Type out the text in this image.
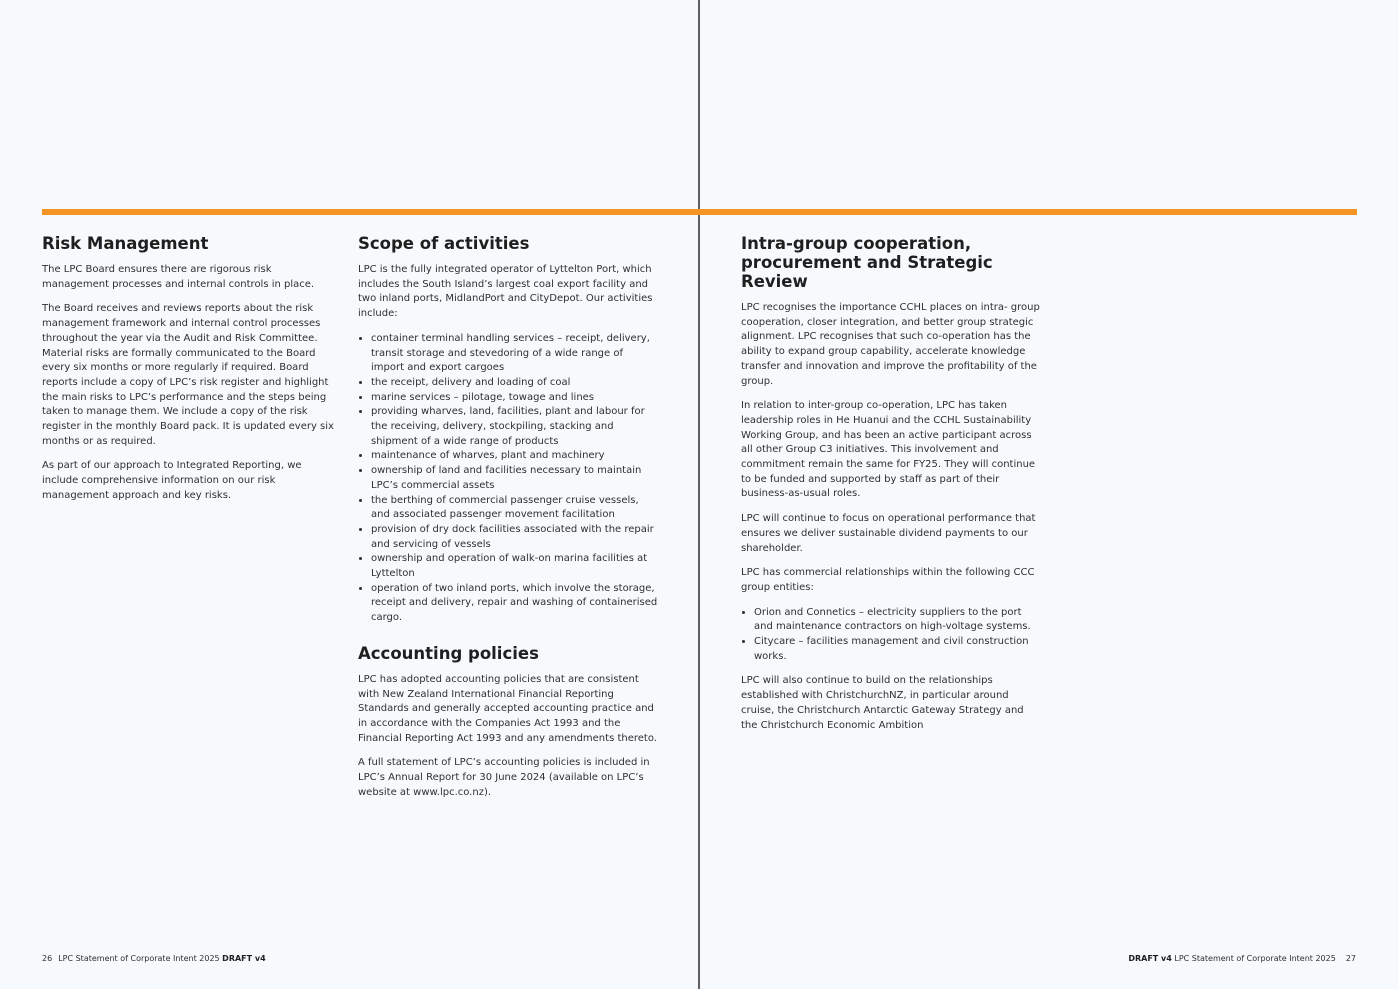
Risk Management

The LPC Board ensures there are rigorous risk management processes and internal controls in place.

The Board receives and reviews reports about the risk management framework and internal control processes throughout the year via the Audit and Risk Committee. Material risks are formally communicated to the Board every six months or more regularly if required. Board reports include a copy of LPC’s risk register and highlight the main risks to LPC’s performance and the steps being taken to manage them. We include a copy of the risk register in the monthly Board pack. It is updated every six months or as required.

As part of our approach to Integrated Reporting, we include comprehensive information on our risk management approach and key risks.

Scope of activities

LPC is the fully integrated operator of Lyttelton Port, which includes the South Island’s largest coal export facility and two inland ports, MidlandPort and CityDepot. Our activities include:

• container terminal handling services – receipt, delivery, transit storage and stevedoring of a wide range of import and export cargoes
• the receipt, delivery and loading of coal
• marine services – pilotage, towage and lines
• providing wharves, land, facilities, plant and labour for the receiving, delivery, stockpiling, stacking and shipment of a wide range of products
• maintenance of wharves, plant and machinery
• ownership of land and facilities necessary to maintain LPC’s commercial assets
• the berthing of commercial passenger cruise vessels, and associated passenger movement facilitation
• provision of dry dock facilities associated with the repair and servicing of vessels
• ownership and operation of walk-on marina facilities at Lyttelton
• operation of two inland ports, which involve the storage, receipt and delivery, repair and washing of containerised cargo.
Accounting policies

LPC has adopted accounting policies that are consistent with New Zealand International Financial Reporting Standards and generally accepted accounting practice and in accordance with the Companies Act 1993 and the Financial Reporting Act 1993 and any amendments thereto.

A full statement of LPC’s accounting policies is included in LPC’s Annual Report for 30 June 2024 (available on LPC’s website at www.lpc.co.nz).

Intra-group cooperation, procurement and Strategic Review

LPC recognises the importance CCHL places on intra- group cooperation, closer integration, and better group strategic alignment. LPC recognises that such co-operation has the ability to expand group capability, accelerate knowledge transfer and innovation and improve the profitability of the group.

In relation to inter-group co-operation, LPC has taken leadership roles in He Huanui and the CCHL Sustainability Working Group, and has been an active participant across all other Group C3 initiatives. This involvement and commitment remain the same for FY25. They will continue to be funded and supported by staff as part of their business-as-usual roles.

LPC will continue to focus on operational performance that ensures we deliver sustainable dividend payments to our shareholder.

LPC has commercial relationships within the following CCC group entities:

• Orion and Connetics – electricity suppliers to the port and maintenance contractors on high-voltage systems.
• Citycare – facilities management and civil construction works.

LPC will also continue to build on the relationships established with ChristchurchNZ, in particular around cruise, the Christchurch Antarctic Gateway Strategy and the Christchurch Economic Ambition

26 LPC Statement of Corporate Intent 2025 DRAFT v4	DRAFT v4 LPC Statement of Corporate Intent 2025 27
